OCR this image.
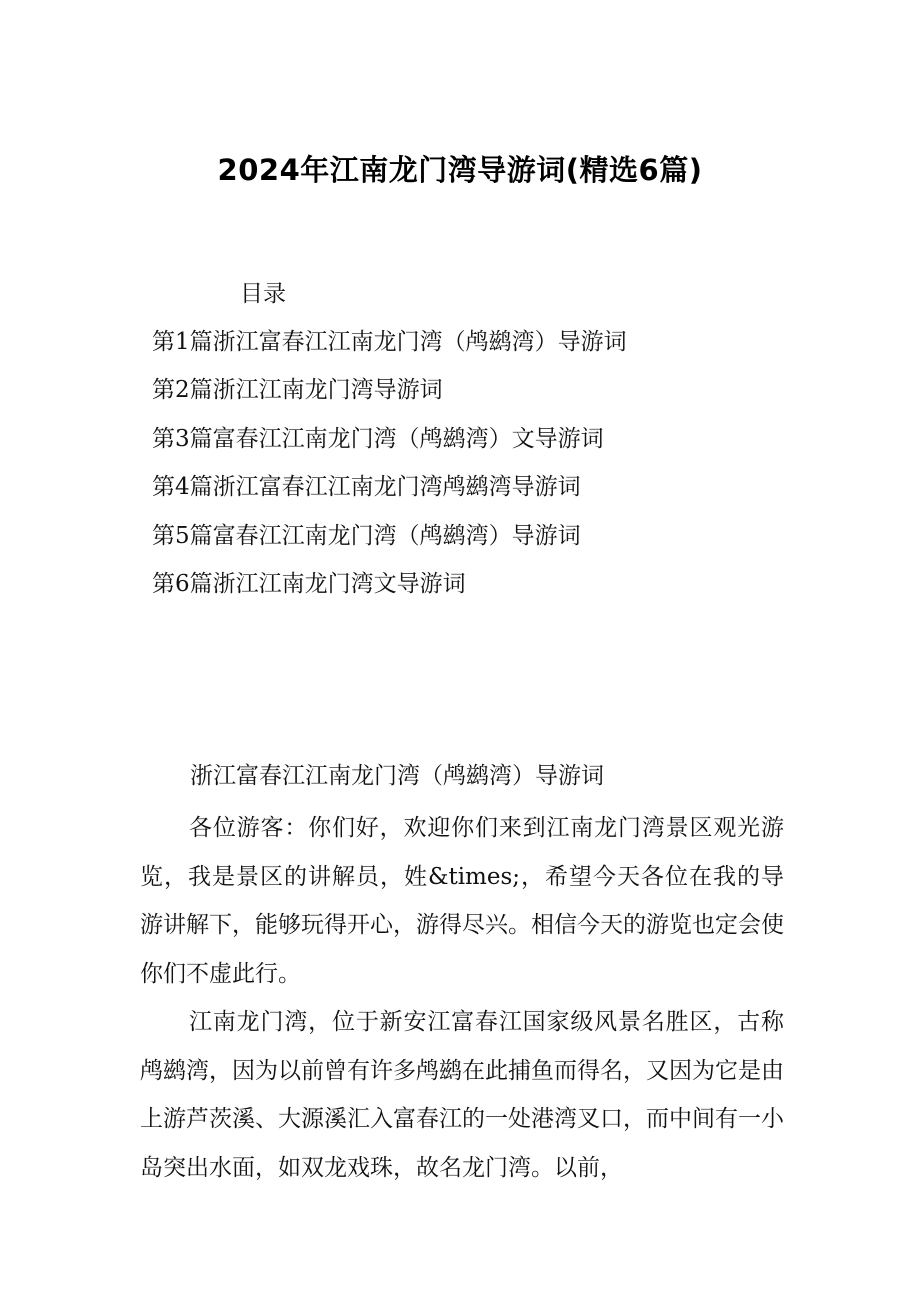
2024年江南龙门湾导游词(精选6篇)
目录
第1篇浙江富春江江南龙门湾（鸬鹚湾）导游词
第2篇浙江江南龙门湾导游词
第3篇富春江江南龙门湾（鸬鹚湾）文导游词
第4篇浙江富春江江南龙门湾鸬鹚湾导游词
第5篇富春江江南龙门湾（鸬鹚湾）导游词
第6篇浙江江南龙门湾文导游词
浙江富春江江南龙门湾（鸬鹚湾）导游词

各位游客：你们好，欢迎你们来到江南龙门湾景区观光游览，我是景区的讲解员，姓&times;，希望今天各位在我的导游讲解下，能够玩得开心，游得尽兴。相信今天的游览也定会使你们不虚此行。

江南龙门湾，位于新安江富春江国家级风景名胜区，古称鸬鹚湾，因为以前曾有许多鸬鹚在此捕鱼而得名，又因为它是由上游芦茨溪、大源溪汇入富春江的一处港湾叉口，而中间有一小岛突出水面，如双龙戏珠，故名龙门湾。以前，
